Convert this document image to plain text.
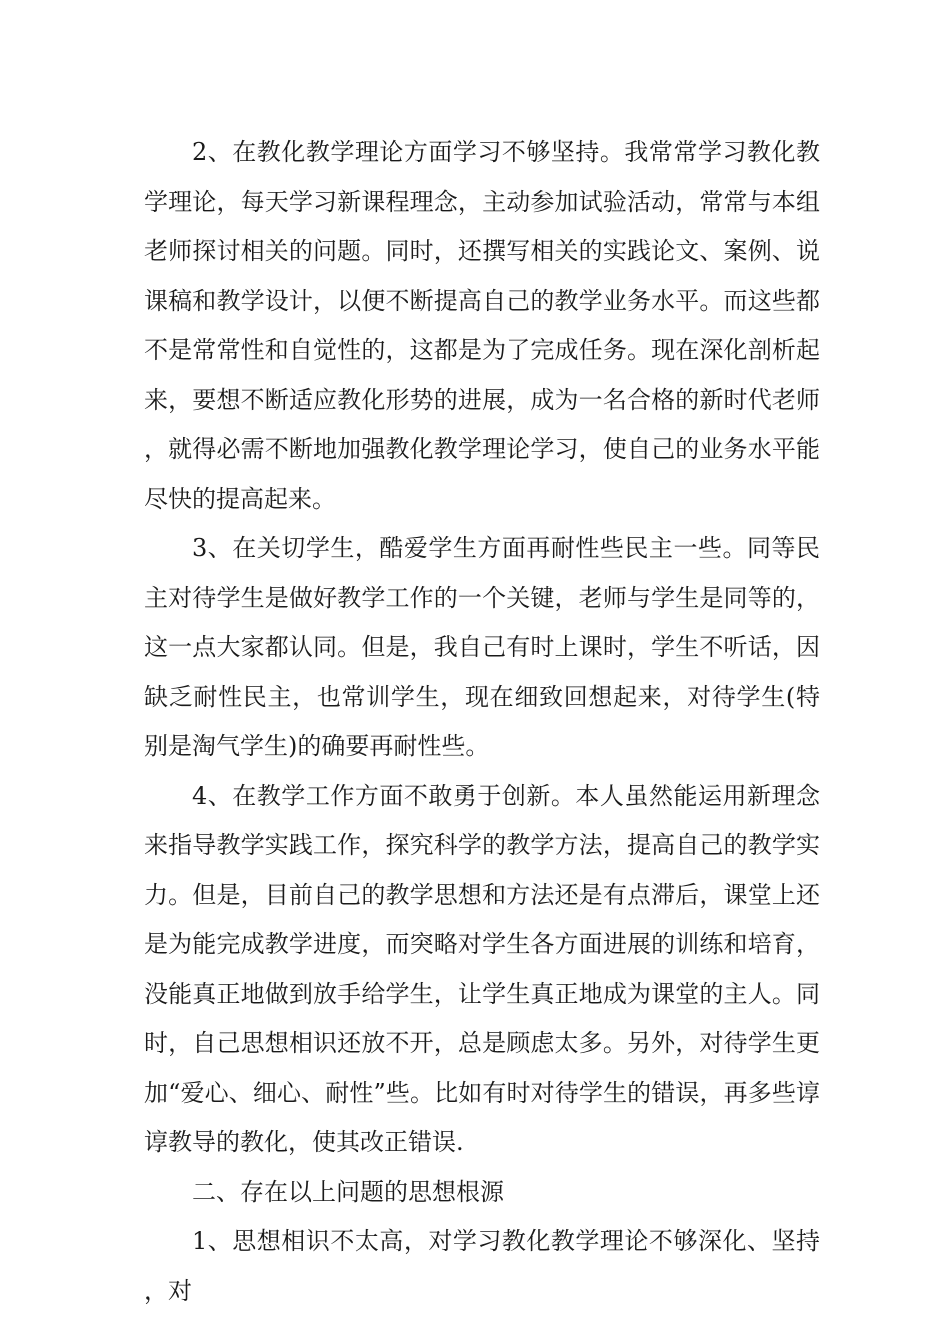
2、在教化教学理论方面学习不够坚持。我常常学习教化教学理论，每天学习新课程理念，主动参加试验活动，常常与本组老师探讨相关的问题。同时，还撰写相关的实践论文、案例、说课稿和教学设计，以便不断提高自己的教学业务水平。而这些都不是常常性和自觉性的，这都是为了完成任务。现在深化剖析起来，要想不断适应教化形势的进展，成为一名合格的新时代老师，就得必需不断地加强教化教学理论学习，使自己的业务水平能尽快的提高起来。

3、在关切学生，酷爱学生方面再耐性些民主一些。同等民主对待学生是做好教学工作的一个关键，老师与学生是同等的，这一点大家都认同。但是，我自己有时上课时，学生不听话，因缺乏耐性民主，也常训学生，现在细致回想起来，对待学生(特别是淘气学生)的确要再耐性些。

4、在教学工作方面不敢勇于创新。本人虽然能运用新理念来指导教学实践工作，探究科学的教学方法，提高自己的教学实力。但是，目前自己的教学思想和方法还是有点滞后，课堂上还是为能完成教学进度，而突略对学生各方面进展的训练和培育，没能真正地做到放手给学生，让学生真正地成为课堂的主人。同时，自己思想相识还放不开，总是顾虑太多。另外，对待学生更加“爱心、细心、耐性”些。比如有时对待学生的错误，再多些谆谆教导的教化，使其改正错误.

二、存在以上问题的思想根源

1、思想相识不太高，对学习教化教学理论不够深化、坚持，对
